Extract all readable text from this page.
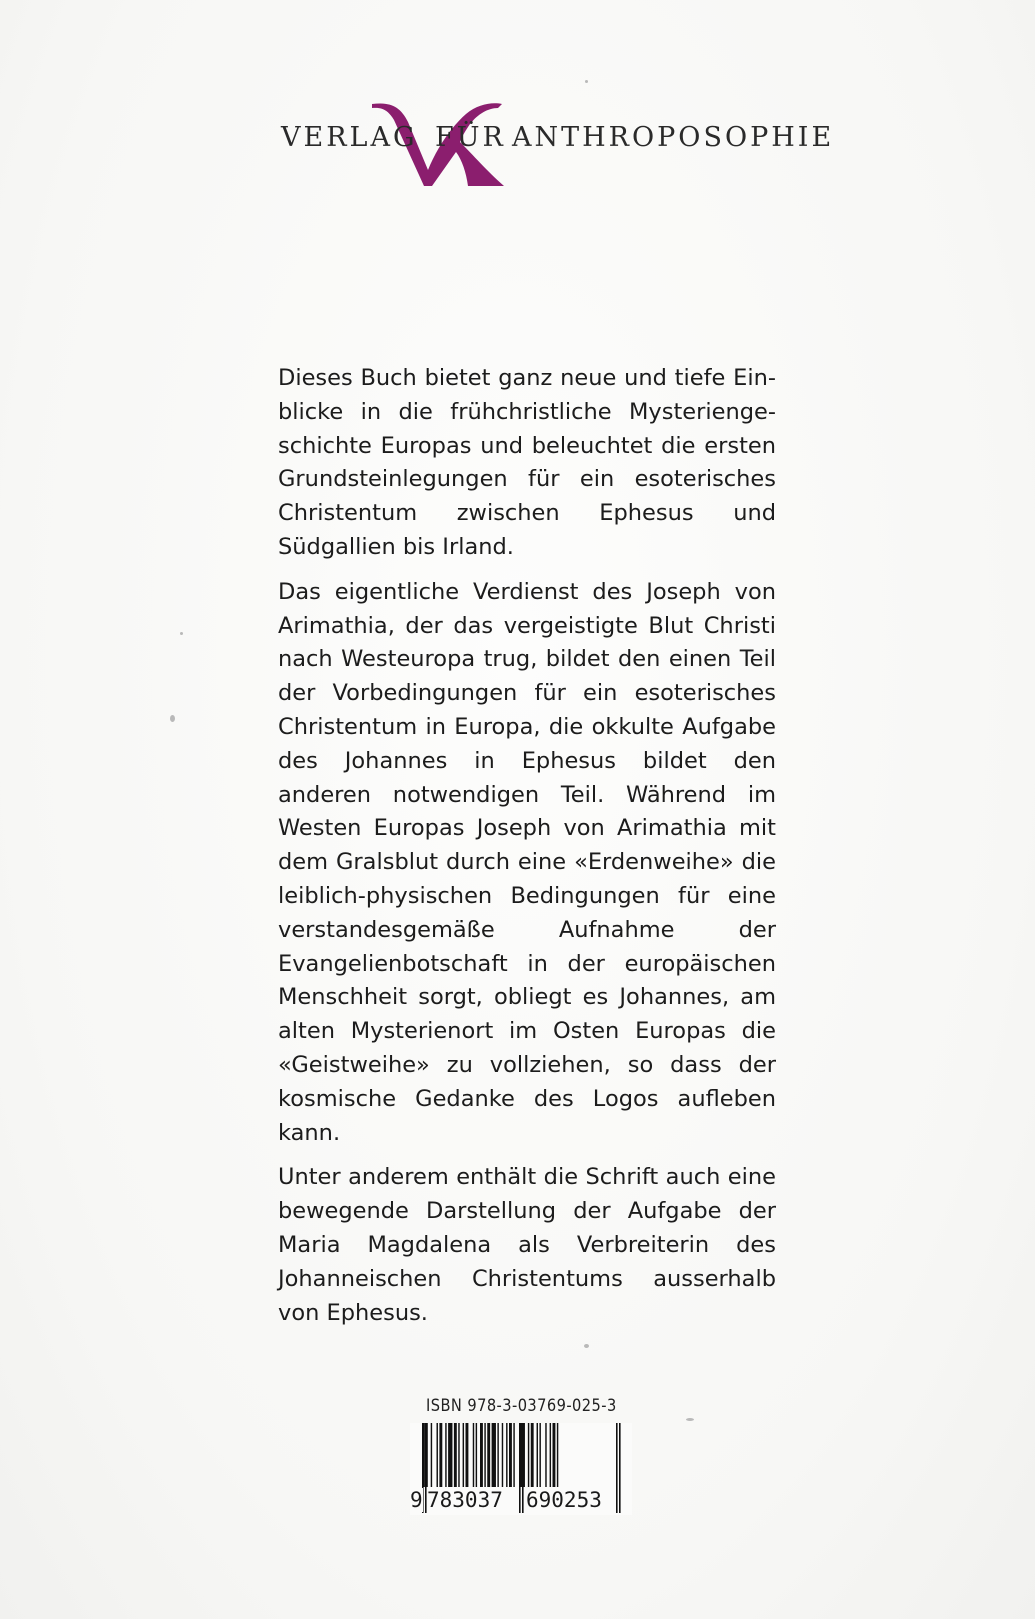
VERLAG FÜR ANTHROPOSOPHIE

Dieses Buch bietet ganz neue und tiefe Einblicke in die frühchristliche Mysteriengeschichte Europas und beleuchtet die ersten Grundsteinlegungen für ein esoterisches Christentum zwischen Ephesus und Südgallien bis Irland.

Das eigentliche Verdienst des Joseph von Arimathia, der das vergeistigte Blut Christi nach Westeuropa trug, bildet den einen Teil der Vorbedingungen für ein esoterisches Christentum in Europa, die okkulte Aufgabe des Johannes in Ephesus bildet den anderen notwendigen Teil. Während im Westen Europas Joseph von Arimathia mit dem Gralsblut durch eine «Erdenweihe» die leiblich-physischen Bedingungen für eine verstandesgemäße Aufnahme der Evangelienbotschaft in der europäischen Menschheit sorgt, obliegt es Johannes, am alten Mysterienort im Osten Europas die «Geistweihe» zu vollziehen, so dass der kosmische Gedanke des Logos aufleben kann.

Unter anderem enthält die Schrift auch eine bewegende Darstellung der Aufgabe der Maria Magdalena als Verbreiterin des Johanneischen Christentums ausserhalb von Ephesus.

ISBN 978-3-03769-025-3
9 783037 690253
